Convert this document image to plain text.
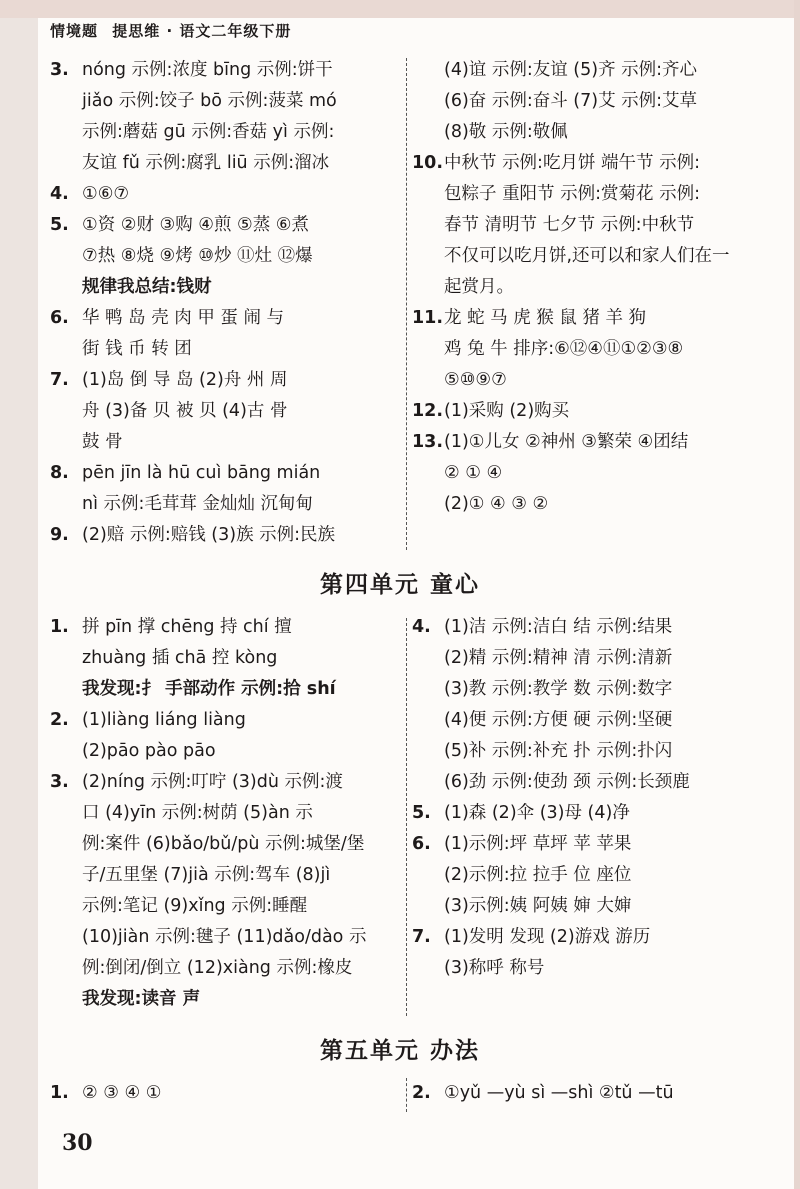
情境题 提思维 · 语文二年级下册
3. nóng 示例:浓度 bīng 示例:饼干
jiǎo 示例:饺子 bō 示例:菠菜 mó
示例:蘑菇 gū 示例:香菇 yì 示例:
友谊 fǔ 示例:腐乳 liū 示例:溜冰
4. ①⑥⑦
5. ①资 ②财 ③购 ④煎 ⑤蒸 ⑥煮
⑦热 ⑧烧 ⑨烤 ⑩炒 ⑪灶 ⑫爆
规律我总结:钱财
6. 华 鸭 岛 壳 肉 甲 蛋 闹 与
街 钱 币 转 团
7. (1)岛 倒 导 岛 (2)舟 州 周
舟 (3)备 贝 被 贝 (4)古 骨
鼓 骨
8. pēn jīn là hū cuì bāng mián
nì 示例:毛茸茸 金灿灿 沉甸甸
9. (2)赔 示例:赔钱 (3)族 示例:民族
(4)谊 示例:友谊 (5)齐 示例:齐心
(6)奋 示例:奋斗 (7)艾 示例:艾草
(8)敬 示例:敬佩
10. 中秋节 示例:吃月饼 端午节 示例:
包粽子 重阳节 示例:赏菊花 示例:
春节 清明节 七夕节 示例:中秋节
不仅可以吃月饼,还可以和家人们在一
起赏月。
11. 龙 蛇 马 虎 猴 鼠 猪 羊 狗
鸡 兔 牛 排序:⑥⑫④⑪①②③⑧
⑤⑩⑨⑦
12. (1)采购 (2)购买
13. (1)①儿女 ②神州 ③繁荣 ④团结
② ① ④
(2)① ④ ③ ②
第四单元 童心
1. 拼 pīn 撑 chēng 持 chí 擅
zhuàng 插 chā 控 kòng
我发现:扌 手部动作 示例:拾 shí
2. (1)liàng liáng liàng
(2)pāo pào pāo
3. (2)níng 示例:叮咛 (3)dù 示例:渡
口 (4)yīn 示例:树荫 (5)àn 示
例:案件 (6)bǎo/bǔ/pù 示例:城堡/堡
子/五里堡 (7)jià 示例:驾车 (8)jì
示例:笔记 (9)xǐng 示例:睡醒
(10)jiàn 示例:毽子 (11)dǎo/dào 示
例:倒闭/倒立 (12)xiàng 示例:橡皮
我发现:读音 声
4. (1)洁 示例:洁白 结 示例:结果
(2)精 示例:精神 清 示例:清新
(3)教 示例:教学 数 示例:数字
(4)便 示例:方便 硬 示例:坚硬
(5)补 示例:补充 扑 示例:扑闪
(6)劲 示例:使劲 颈 示例:长颈鹿
5. (1)森 (2)伞 (3)母 (4)净
6. (1)示例:坪 草坪 苹 苹果
(2)示例:拉 拉手 位 座位
(3)示例:姨 阿姨 婶 大婶
7. (1)发明 发现 (2)游戏 游历
(3)称呼 称号
第五单元 办法
1. ② ③ ④ ①	2. ①yǔ —yù sì —shì ②tǔ —tū
30
